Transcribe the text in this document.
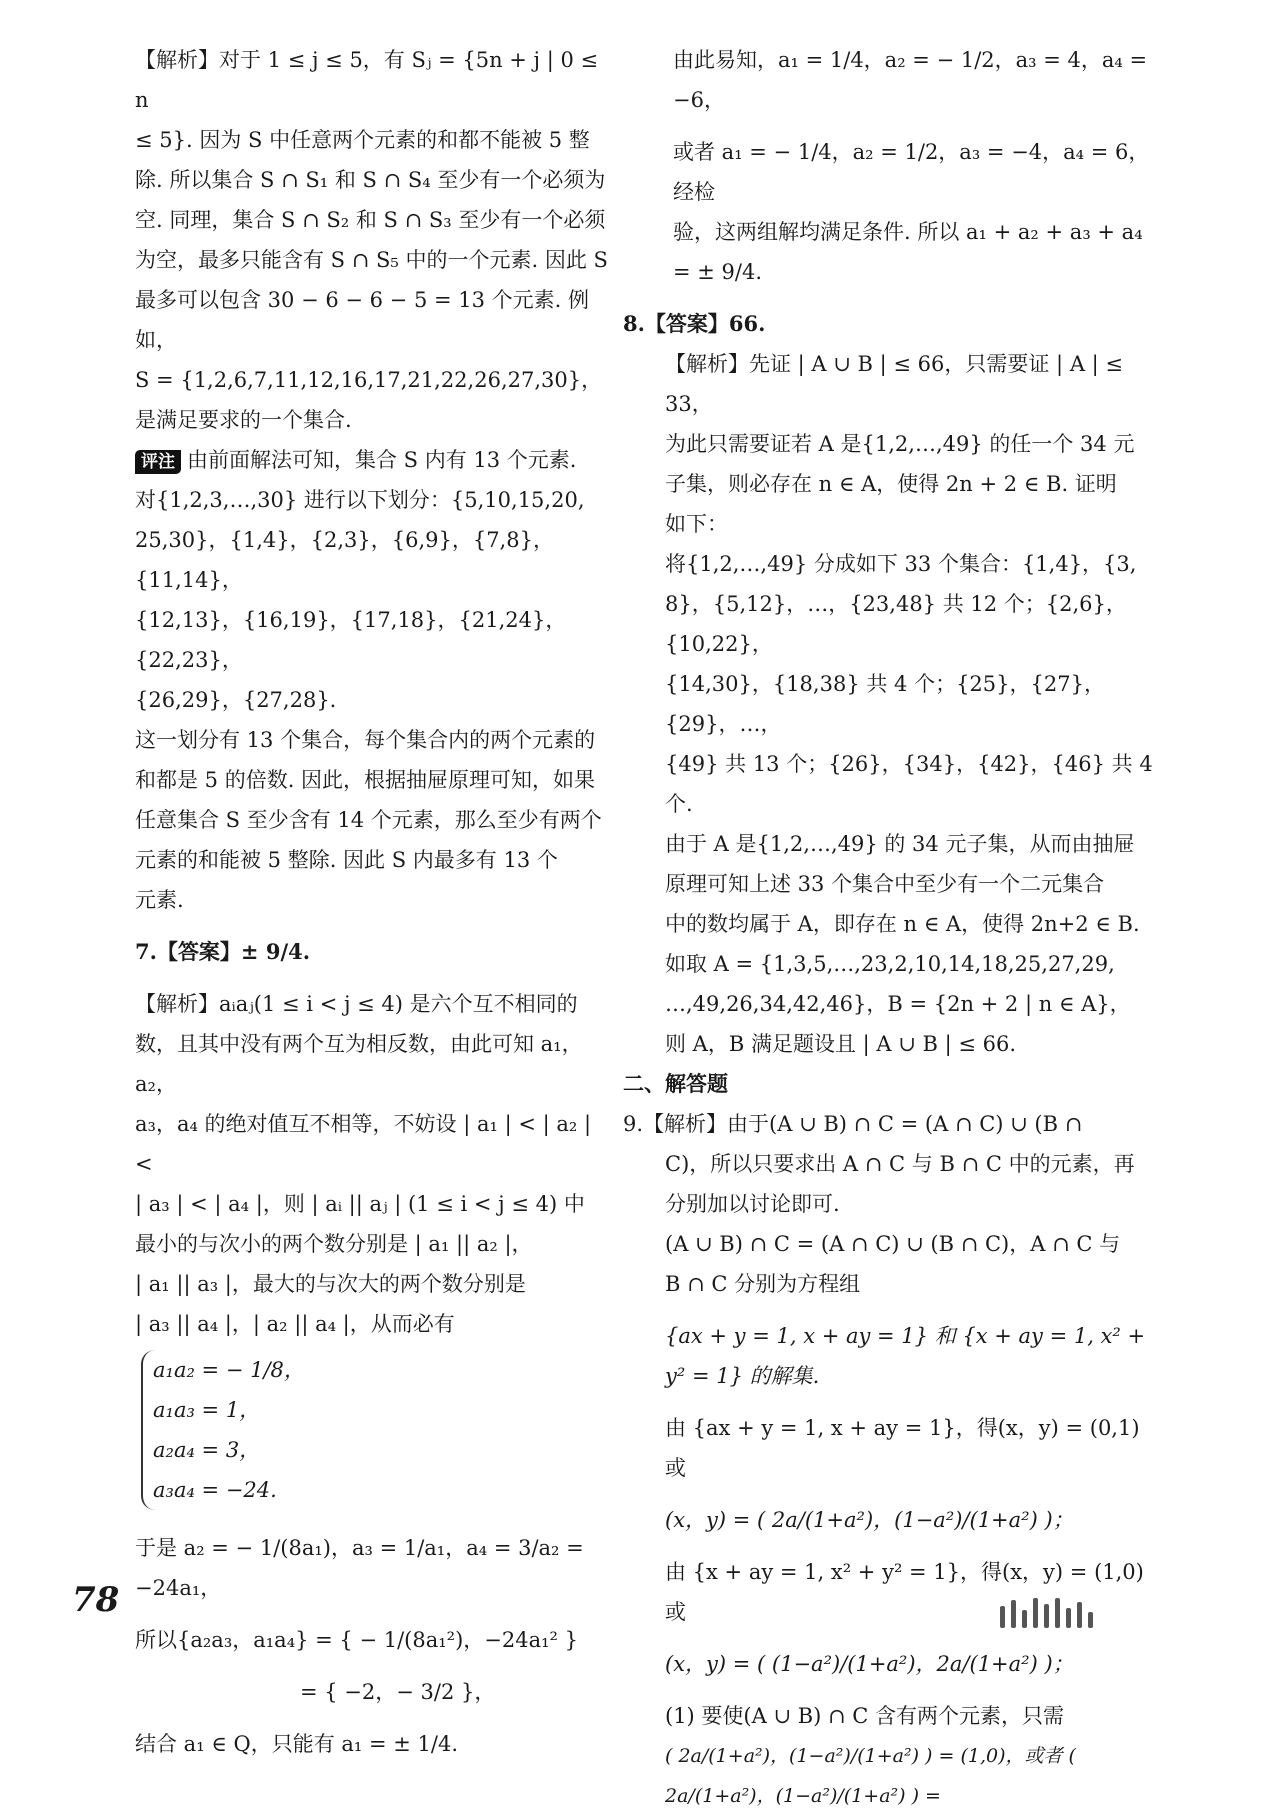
【解析】对于 1 ≤ j ≤ 5，有 Sⱼ = {5n + j | 0 ≤ n

≤ 5}. 因为 S 中任意两个元素的和都不能被 5 整

除. 所以集合 S ∩ S₁ 和 S ∩ S₄ 至少有一个必须为

空. 同理，集合 S ∩ S₂ 和 S ∩ S₃ 至少有一个必须

为空，最多只能含有 S ∩ S₅ 中的一个元素. 因此 S

最多可以包含 30 − 6 − 6 − 5 = 13 个元素. 例如，

S = {1,2,6,7,11,12,16,17,21,22,26,27,30}，

是满足要求的一个集合.

评注 由前面解法可知，集合 S 内有 13 个元素.

对{1,2,3,…,30} 进行以下划分：{5,10,15,20,

25,30}，{1,4}，{2,3}，{6,9}，{7,8}，{11,14}，

{12,13}，{16,19}，{17,18}，{21,24}，{22,23}，

{26,29}，{27,28}.

这一划分有 13 个集合，每个集合内的两个元素的

和都是 5 的倍数. 因此，根据抽屉原理可知，如果

任意集合 S 至少含有 14 个元素，那么至少有两个

元素的和能被 5 整除. 因此 S 内最多有 13 个

元素.

7.【答案】± 9/4.

【解析】aᵢaⱼ(1 ≤ i < j ≤ 4) 是六个互不相同的

数，且其中没有两个互为相反数，由此可知 a₁，a₂，

a₃，a₄ 的绝对值互不相等，不妨设 | a₁ | < | a₂ | <

| a₃ | < | a₄ |，则 | aᵢ || aⱼ | (1 ≤ i < j ≤ 4) 中

最小的与次小的两个数分别是 | a₁ || a₂ |，

| a₁ || a₃ |，最大的与次大的两个数分别是

| a₃ || a₄ |，| a₂ || a₄ |，从而必有

a₁a₂ = − 1/8，

a₁a₃ = 1，

a₂a₄ = 3，

a₃a₄ = −24.

于是 a₂ = − 1/(8a₁)，a₃ = 1/a₁，a₄ = 3/a₂ = −24a₁，

所以{a₂a₃，a₁a₄} = { − 1/(8a₁²)，−24a₁² }

= { −2，− 3/2 }，

结合 a₁ ∈ Q，只能有 a₁ = ± 1/4.

由此易知，a₁ = 1/4，a₂ = − 1/2，a₃ = 4，a₄ = −6，

或者 a₁ = − 1/4，a₂ = 1/2，a₃ = −4，a₄ = 6，经检

验，这两组解均满足条件. 所以 a₁ + a₂ + a₃ + a₄

= ± 9/4.

8.【答案】66.

【解析】先证 | A ∪ B | ≤ 66，只需要证 | A | ≤ 33，

为此只需要证若 A 是{1,2,…,49} 的任一个 34 元

子集，则必存在 n ∈ A，使得 2n + 2 ∈ B. 证明

如下：

将{1,2,…,49} 分成如下 33 个集合：{1,4}，{3,

8}，{5,12}，…，{23,48} 共 12 个；{2,6}，{10,22}，

{14,30}，{18,38} 共 4 个；{25}，{27}，{29}，…，

{49} 共 13 个；{26}，{34}，{42}，{46} 共 4 个.

由于 A 是{1,2,…,49} 的 34 元子集，从而由抽屉

原理可知上述 33 个集合中至少有一个二元集合

中的数均属于 A，即存在 n ∈ A，使得 2n+2 ∈ B.

如取 A = {1,3,5,…,23,2,10,14,18,25,27,29,

…,49,26,34,42,46}，B = {2n + 2 | n ∈ A}，

则 A，B 满足题设且 | A ∪ B | ≤ 66.

二、解答题

9.【解析】由于(A ∪ B) ∩ C = (A ∩ C) ∪ (B ∩

C)，所以只要求出 A ∩ C 与 B ∩ C 中的元素，再

分别加以讨论即可.

(A ∪ B) ∩ C = (A ∩ C) ∪ (B ∩ C)，A ∩ C 与

B ∩ C 分别为方程组

{ax + y = 1, x + ay = 1} 和 {x + ay = 1, x² + y² = 1} 的解集.

由 {ax + y = 1, x + ay = 1}，得(x，y) = (0,1) 或

(x，y) = ( 2a/(1+a²)，(1−a²)/(1+a²) )；

由 {x + ay = 1, x² + y² = 1}，得(x，y) = (1,0) 或

(x，y) = ( (1−a²)/(1+a²)，2a/(1+a²) )；

(1) 要使(A ∪ B) ∩ C 含有两个元素，只需

( 2a/(1+a²)，(1−a²)/(1+a²) ) = (1,0)，或者 ( 2a/(1+a²)，(1−a²)/(1+a²) ) =

78
